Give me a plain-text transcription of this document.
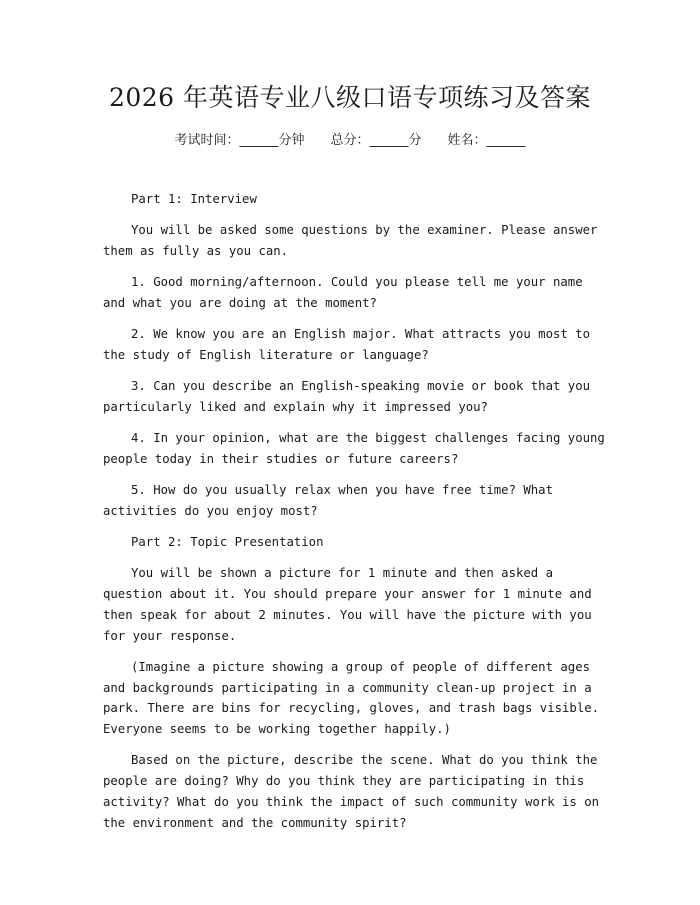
2026 年英语专业八级口语专项练习及答案
考试时间：______分钟 总分：______分 姓名：______

Part 1: Interview

You will be asked some questions by the examiner. Please answer them as fully as you can.

1. Good morning/afternoon. Could you please tell me your name and what you are doing at the moment?

2. We know you are an English major. What attracts you most to the study of English literature or language?

3. Can you describe an English-speaking movie or book that you particularly liked and explain why it impressed you?

4. In your opinion, what are the biggest challenges facing young people today in their studies or future careers?

5. How do you usually relax when you have free time? What activities do you enjoy most?

Part 2: Topic Presentation

You will be shown a picture for 1 minute and then asked a question about it. You should prepare your answer for 1 minute and then speak for about 2 minutes. You will have the picture with you for your response.

(Imagine a picture showing a group of people of different ages and backgrounds participating in a community clean-up project in a park. There are bins for recycling, gloves, and trash bags visible. Everyone seems to be working together happily.)

Based on the picture, describe the scene. What do you think the people are doing? Why do you think they are participating in this activity? What do you think the impact of such community work is on the environment and the community spirit?
